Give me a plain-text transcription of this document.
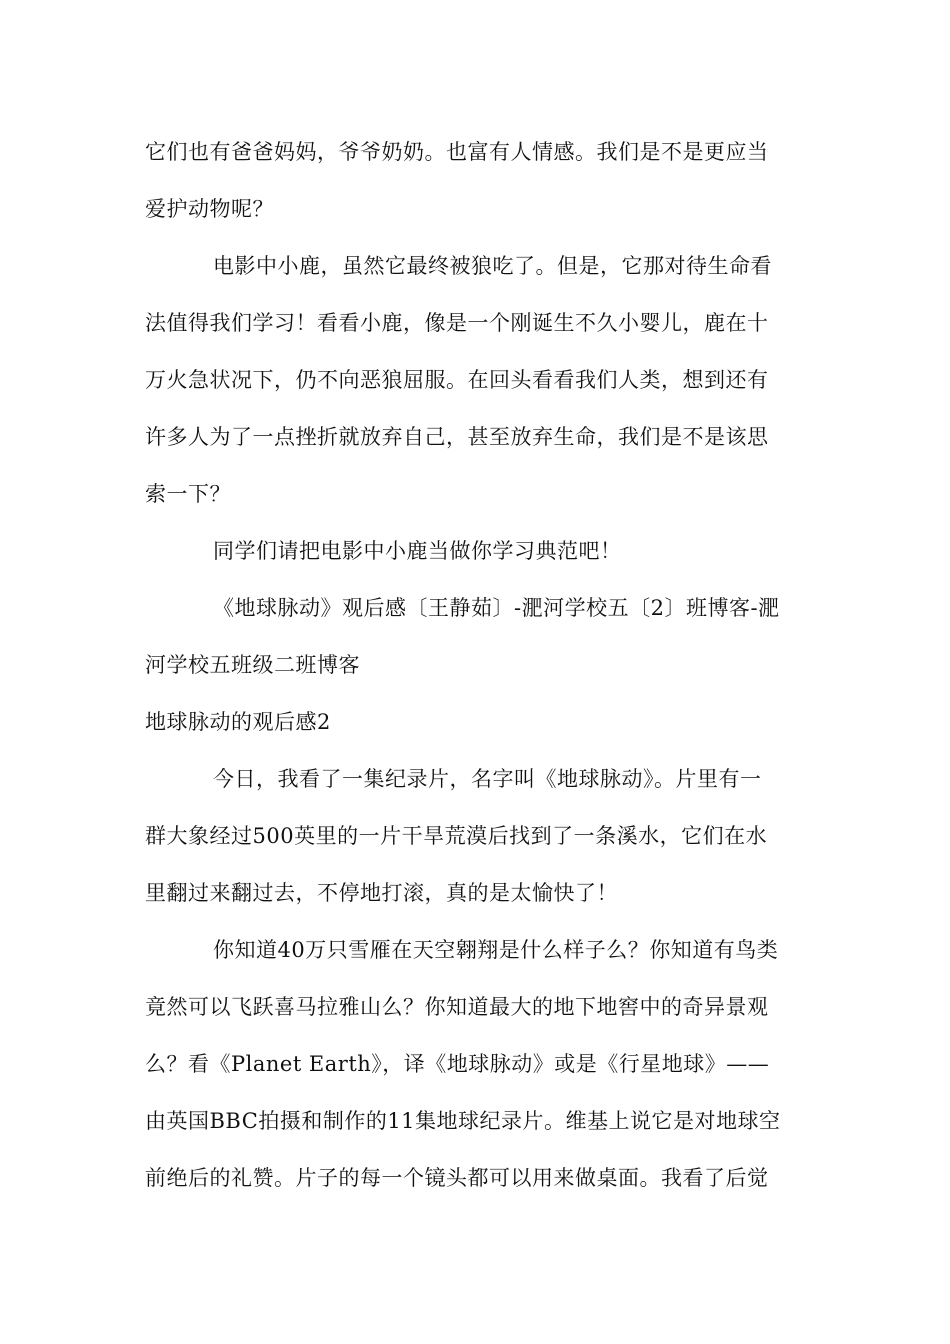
它们也有爸爸妈妈，爷爷奶奶。也富有人情感。我们是不是更应当
爱护动物呢？
电影中小鹿，虽然它最终被狼吃了。但是，它那对待生命看
法值得我们学习！看看小鹿，像是一个刚诞生不久小婴儿，鹿在十
万火急状况下，仍不向恶狼屈服。在回头看看我们人类，想到还有
许多人为了一点挫折就放弃自己，甚至放弃生命，我们是不是该思
索一下？
同学们请把电影中小鹿当做你学习典范吧！
《地球脉动》观后感〔王静茹〕-淝河学校五〔2〕班博客-淝
河学校五班级二班博客
地球脉动的观后感2
今日，我看了一集纪录片，名字叫《地球脉动》。片里有一
群大象经过500英里的一片干旱荒漠后找到了一条溪水，它们在水
里翻过来翻过去，不停地打滚，真的是太愉快了！
你知道40万只雪雁在天空翱翔是什么样子么？你知道有鸟类
竟然可以飞跃喜马拉雅山么？你知道最大的地下地窖中的奇异景观
么？看《Planet Earth》，译《地球脉动》或是《行星地球》——
由英国BBC拍摄和制作的11集地球纪录片。维基上说它是对地球空
前绝后的礼赞。片子的每一个镜头都可以用来做桌面。我看了后觉
